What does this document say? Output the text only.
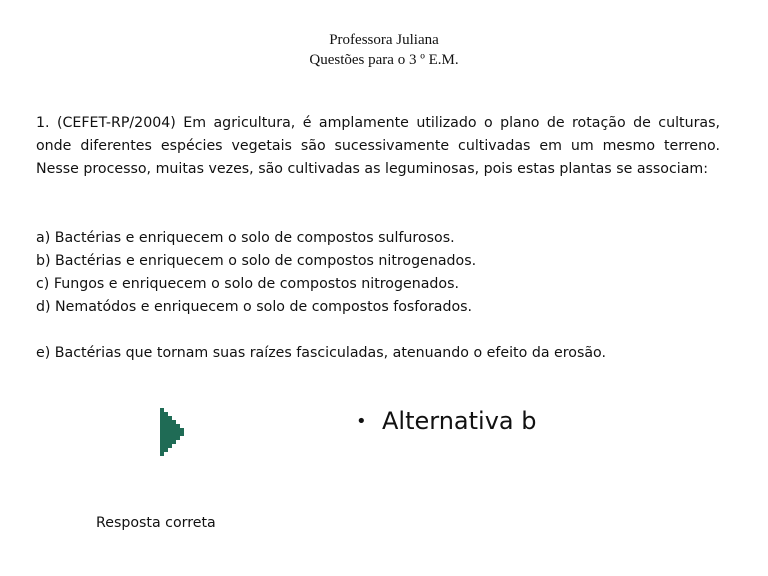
Professora Juliana
Questões para o 3 º E.M.

1. (CEFET-RP/2004) Em agricultura, é amplamente utilizado o plano de rotação de culturas, onde diferentes espécies vegetais são sucessivamente cultivadas em um mesmo terreno. Nesse processo, muitas vezes, são cultivadas as leguminosas, pois estas plantas se associam:

a) Bactérias e enriquecem o solo de compostos sulfurosos.
b) Bactérias e enriquecem o solo de compostos nitrogenados.
c) Fungos e enriquecem o solo de compostos nitrogenados.
d) Nematódos e enriquecem o solo de compostos fosforados.
e) Bactérias que tornam suas raízes fasciculadas, atenuando o efeito da erosão.
• Alternativa b
Resposta correta
